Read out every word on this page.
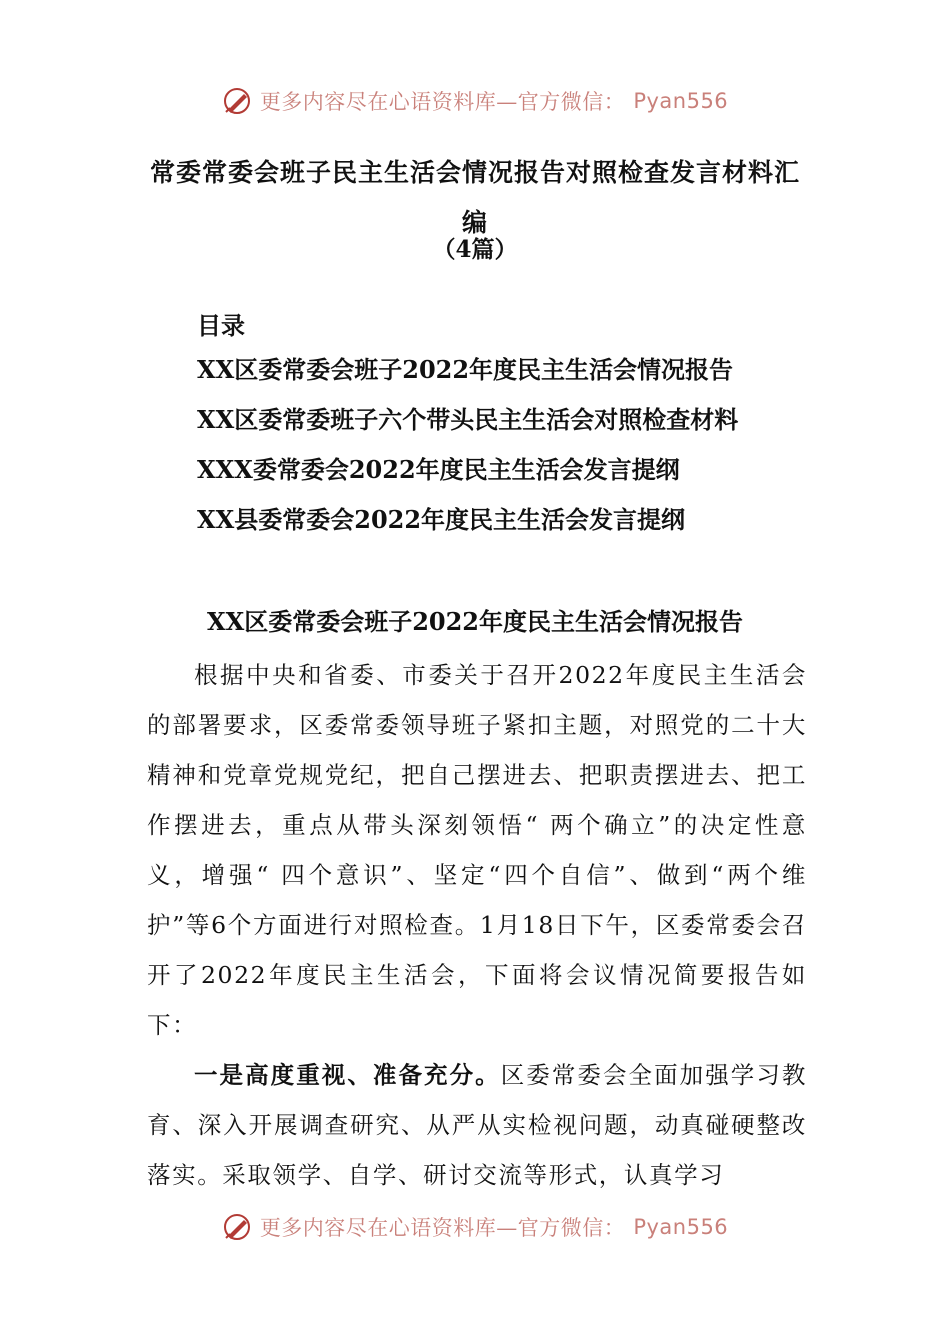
更多内容尽在心语资料库—官方微信： Pyan556
常委常委会班子民主生活会情况报告对照检查发言材料汇编
（4篇）
目录
XX区委常委会班子2022年度民主生活会情况报告
XX区委常委班子六个带头民主生活会对照检查材料
XXX委常委会2022年度民主生活会发言提纲
XX县委常委会2022年度民主生活会发言提纲
XX区委常委会班子2022年度民主生活会情况报告

根据中央和省委、市委关于召开2022年度民主生活会的部署要求，区委常委领导班子紧扣主题，对照党的二十大精神和党章党规党纪，把自己摆进去、把职责摆进去、把工作摆进去，重点从带头深刻领悟“ 两个确立”的决定性意义，增强“ 四个意识”、坚定“四个自信”、做到“两个维护”等6个方面进行对照检查。1月18日下午，区委常委会召开了2022年度民主生活会，下面将会议情况简要报告如下：

一是高度重视、准备充分。区委常委会全面加强学习教育、深入开展调查研究、从严从实检视问题，动真碰硬整改落实。采取领学、自学、研讨交流等形式，认真学习

更多内容尽在心语资料库—官方微信： Pyan556
